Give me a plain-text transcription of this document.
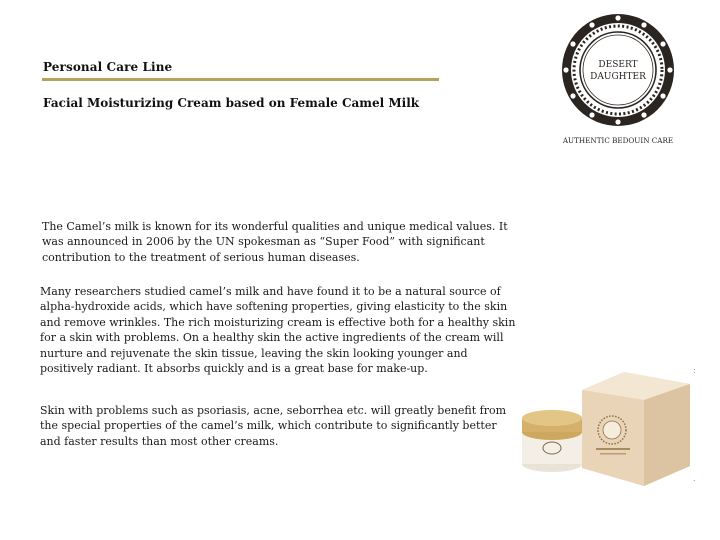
Personal Care Line
Facial Moisturizing Cream based on Female Camel Milk

The Camel’s milk is known for its wonderful qualities and unique medical values. It was announced in 2006 by the UN spokesman as “Super Food” with significant contribution to the treatment of serious human diseases.

Many researchers studied camel’s milk and have found it to be a natural source of alpha-hydroxide acids, which have softening properties, giving elasticity to the skin and remove wrinkles. The rich moisturizing cream is effective both for a healthy skin for a skin with problems. On a healthy skin the active ingredients of the cream will nurture and rejuvenate the skin tissue, leaving the skin looking younger and positively radiant. It absorbs quickly and is a great base for make-up.

Skin with problems such as psoriasis, acne, seborrhea etc. will greatly benefit from the special properties of the camel’s milk, which contribute to significantly better and faster results than most other creams.

DESERT
DAUGHTER
AUTHENTIC BEDOUIN CARE
:
.
